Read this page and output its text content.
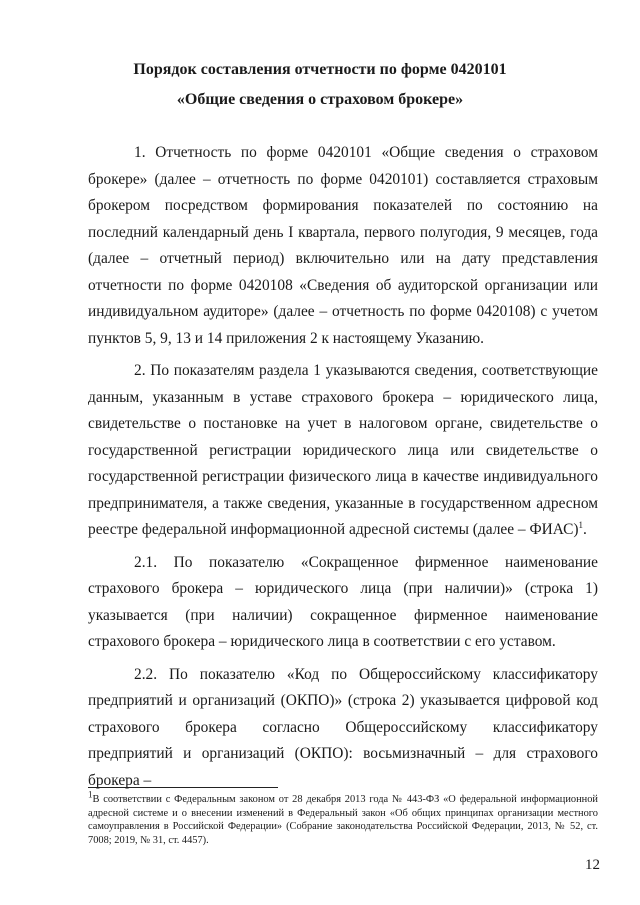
Порядок составления отчетности по форме 0420101

«Общие сведения о страховом брокере»

1. Отчетность по форме 0420101 «Общие сведения о страховом брокере» (далее – отчетность по форме 0420101) составляется страховым брокером посредством формирования показателей по состоянию на последний календарный день I квартала, первого полугодия, 9 месяцев, года (далее – отчетный период) включительно или на дату представления отчетности по форме 0420108 «Сведения об аудиторской организации или индивидуальном аудиторе» (далее – отчетность по форме 0420108) с учетом пунктов 5, 9, 13 и 14 приложения 2 к настоящему Указанию.

2. По показателям раздела 1 указываются сведения, соответствующие данным, указанным в уставе страхового брокера – юридического лица, свидетельстве о постановке на учет в налоговом органе, свидетельстве о государственной регистрации юридического лица или свидетельстве о государственной регистрации физического лица в качестве индивидуального предпринимателя, а также сведения, указанные в государственном адресном реестре федеральной информационной адресной системы (далее – ФИАС)$^1$.

2.1. По показателю «Сокращенное фирменное наименование страхового брокера – юридического лица (при наличии)» (строка 1) указывается (при наличии) сокращенное фирменное наименование страхового брокера – юридического лица в соответствии с его уставом.

2.2. По показателю «Код по Общероссийскому классификатору предприятий и организаций (ОКПО)» (строка 2) указывается цифровой код страхового брокера согласно Общероссийскому классификатору предприятий и организаций (ОКПО): восьмизначный – для страхового брокера –

$^1$В соответствии с Федеральным законом от 28 декабря 2013 года № 443-ФЗ «О федеральной информационной адресной системе и о внесении изменений в Федеральный закон «Об общих принципах организации местного самоуправления в Российской Федерации» (Собрание законодательства Российской Федерации, 2013, № 52, ст. 7008; 2019, № 31, ст. 4457).

12
